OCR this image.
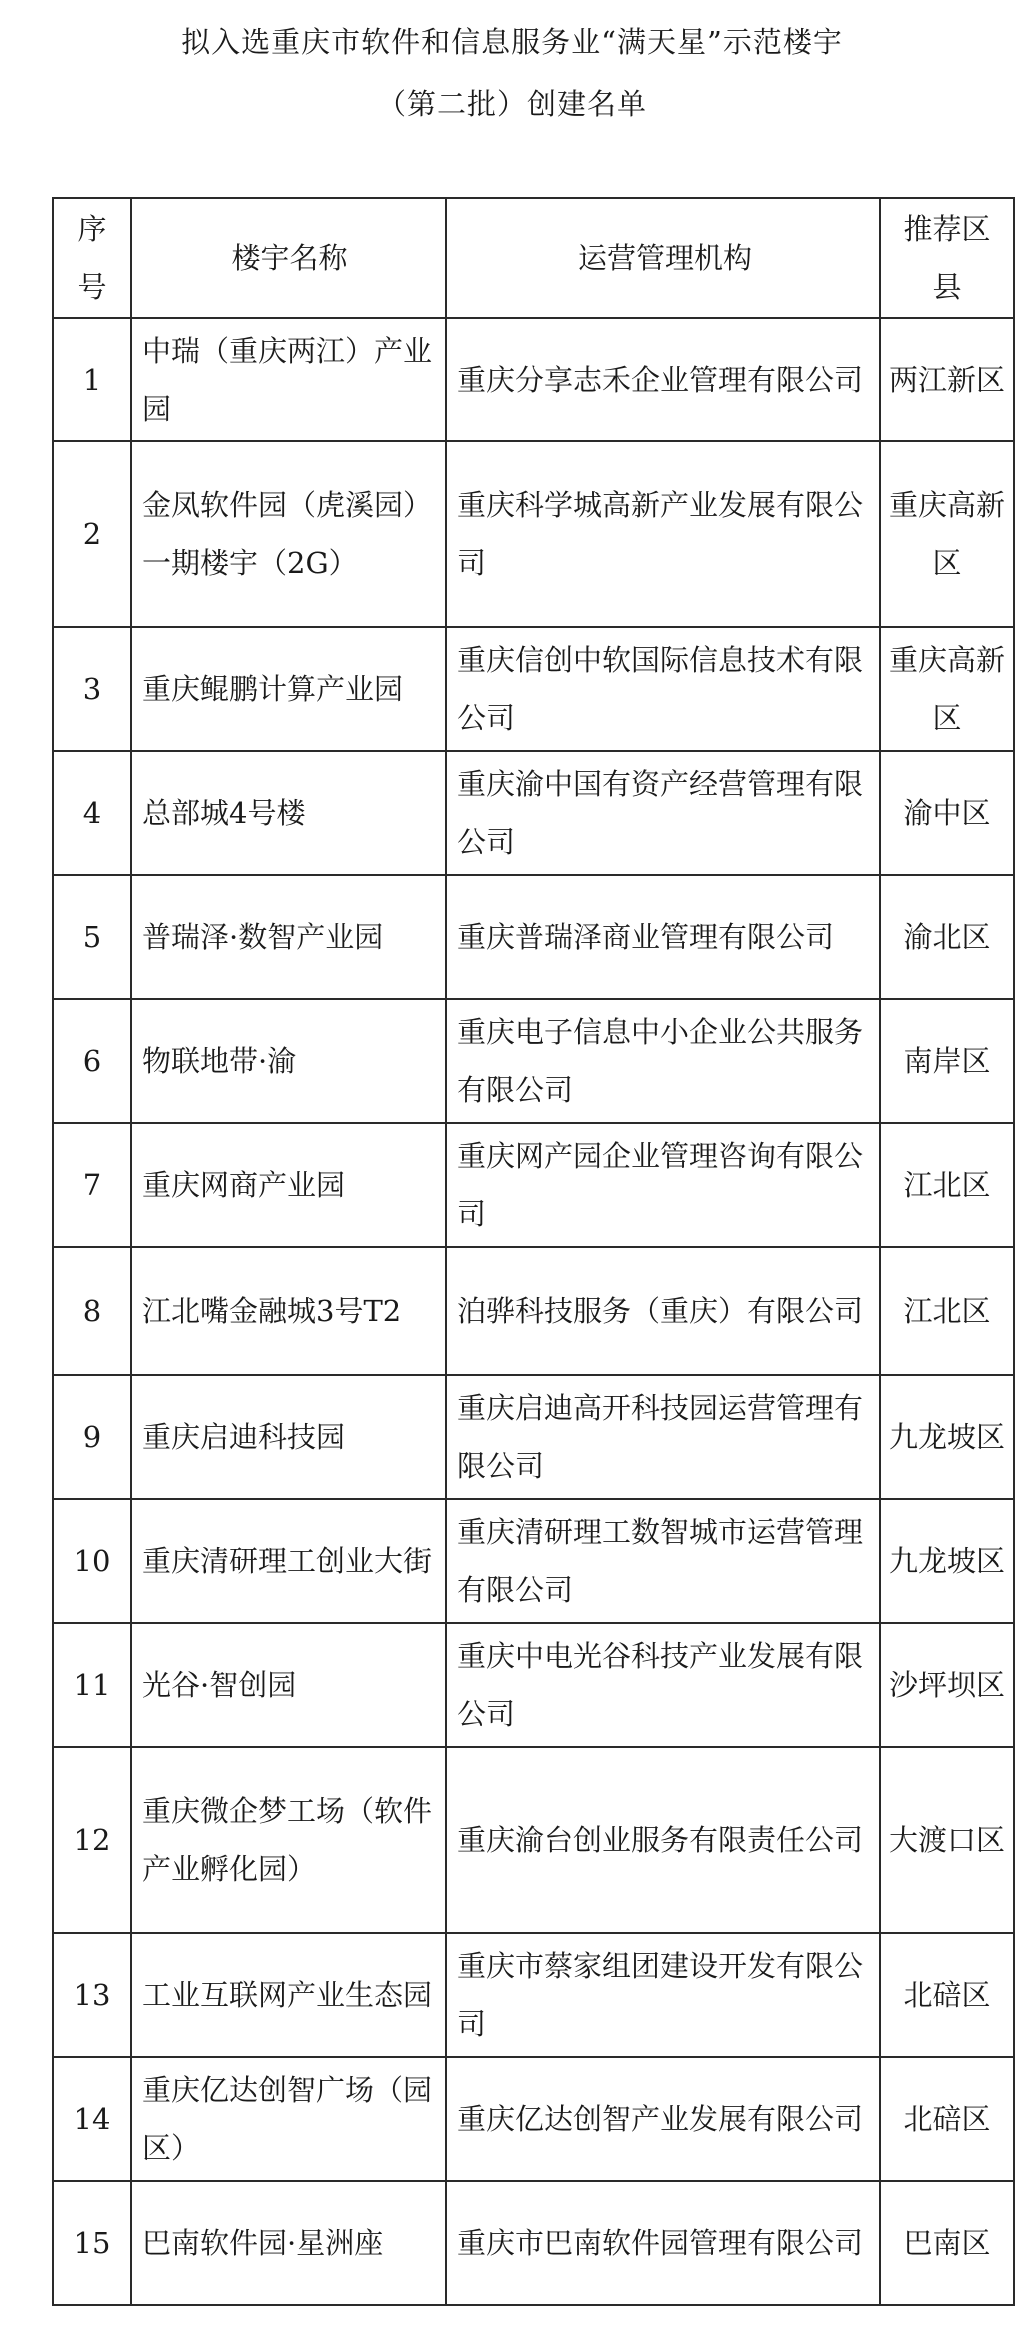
拟入选重庆市软件和信息服务业“满天星”示范楼宇
（第二批）创建名单
序号	楼宇名称	运营管理机构	推荐区县

1	中瑞（重庆两江）产业园	重庆分享志禾企业管理有限公司	两江新区
2	金凤软件园（虎溪园）一期楼宇（2G）	重庆科学城高新产业发展有限公司	重庆高新区
3	重庆鲲鹏计算产业园	重庆信创中软国际信息技术有限公司	重庆高新区
4	总部城4号楼	重庆渝中国有资产经营管理有限公司	渝中区
5	普瑞泽·数智产业园	重庆普瑞泽商业管理有限公司	渝北区
6	物联地带·渝	重庆电子信息中小企业公共服务有限公司	南岸区
7	重庆网商产业园	重庆网产园企业管理咨询有限公司	江北区
8	江北嘴金融城3号T2	泊骅科技服务（重庆）有限公司	江北区
9	重庆启迪科技园	重庆启迪高开科技园运营管理有限公司	九龙坡区
10	重庆清研理工创业大街	重庆清研理工数智城市运营管理有限公司	九龙坡区
11	光谷·智创园	重庆中电光谷科技产业发展有限公司	沙坪坝区
12	重庆微企梦工场（软件产业孵化园）	重庆渝台创业服务有限责任公司	大渡口区
13	工业互联网产业生态园	重庆市蔡家组团建设开发有限公司	北碚区
14	重庆亿达创智广场（园区）	重庆亿达创智产业发展有限公司	北碚区
15	巴南软件园·星洲座	重庆市巴南软件园管理有限公司	巴南区
